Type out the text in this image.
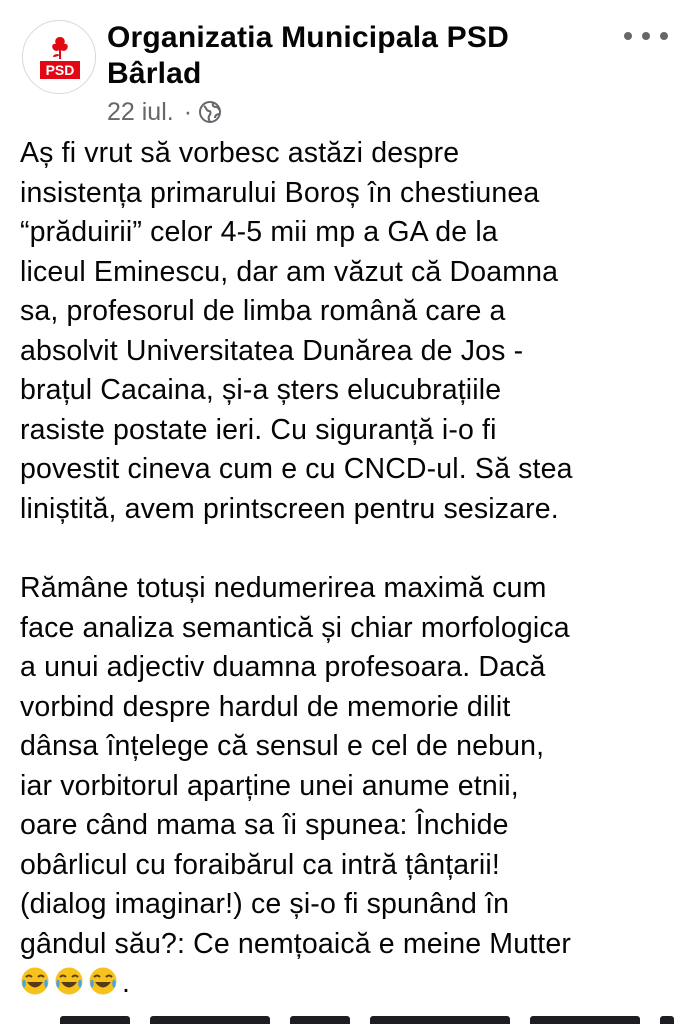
PSD
Organizatia Municipala PSD Bârlad
22 iul. ·

Aș fi vrut să vorbesc astăzi despre
insistența primarului Boroș în chestiunea
“prăduirii” celor 4-5 mii mp a GA de la
liceul Eminescu, dar am văzut că Doamna
sa, profesorul de limba română care a
absolvit Universitatea Dunărea de Jos -
brațul Cacaina, și-a șters elucubrațiile
rasiste postate ieri. Cu siguranță i-o fi
povestit cineva cum e cu CNCD-ul. Să stea
liniștită, avem printscreen pentru sesizare.

Rămâne totuși nedumerirea maximă cum
face analiza semantică și chiar morfologica
a unui adjectiv duamna profesoara. Dacă
vorbind despre hardul de memorie dilit
dânsa înțelege că sensul e cel de nebun,
iar vorbitorul aparține unei anume etnii,
oare când mama sa îi spunea: Închide
obârlicul cu foraibărul ca intră țânțarii!
(dialog imaginar!) ce și-o fi spunând în
gândul său?: Ce nemțoaică e meine Mutter
.
